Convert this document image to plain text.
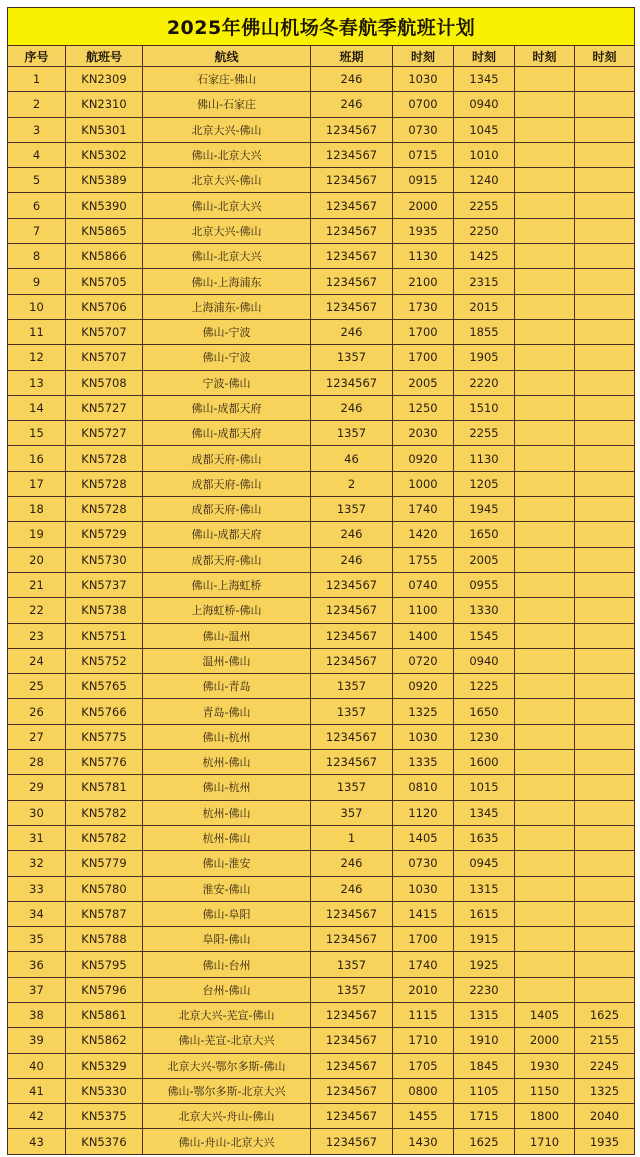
2025年佛山机场冬春航季航班计划							
序号	航班号	航线	班期	时刻	时刻	时刻	时刻
1	KN2309	石家庄-佛山	246	1030	1345		
2	KN2310	佛山-石家庄	246	0700	0940		
3	KN5301	北京大兴-佛山	1234567	0730	1045		
4	KN5302	佛山-北京大兴	1234567	0715	1010		
5	KN5389	北京大兴-佛山	1234567	0915	1240		
6	KN5390	佛山-北京大兴	1234567	2000	2255		
7	KN5865	北京大兴-佛山	1234567	1935	2250		
8	KN5866	佛山-北京大兴	1234567	1130	1425		
9	KN5705	佛山-上海浦东	1234567	2100	2315		
10	KN5706	上海浦东-佛山	1234567	1730	2015		
11	KN5707	佛山-宁波	246	1700	1855		
12	KN5707	佛山-宁波	1357	1700	1905		
13	KN5708	宁波-佛山	1234567	2005	2220		
14	KN5727	佛山-成都天府	246	1250	1510		
15	KN5727	佛山-成都天府	1357	2030	2255		
16	KN5728	成都天府-佛山	46	0920	1130		
17	KN5728	成都天府-佛山	2	1000	1205		
18	KN5728	成都天府-佛山	1357	1740	1945		
19	KN5729	佛山-成都天府	246	1420	1650		
20	KN5730	成都天府-佛山	246	1755	2005		
21	KN5737	佛山-上海虹桥	1234567	0740	0955		
22	KN5738	上海虹桥-佛山	1234567	1100	1330		
23	KN5751	佛山-温州	1234567	1400	1545		
24	KN5752	温州-佛山	1234567	0720	0940		
25	KN5765	佛山-青岛	1357	0920	1225		
26	KN5766	青岛-佛山	1357	1325	1650		
27	KN5775	佛山-杭州	1234567	1030	1230		
28	KN5776	杭州-佛山	1234567	1335	1600		
29	KN5781	佛山-杭州	1357	0810	1015		
30	KN5782	杭州-佛山	357	1120	1345		
31	KN5782	杭州-佛山	1	1405	1635		
32	KN5779	佛山-淮安	246	0730	0945		
33	KN5780	淮安-佛山	246	1030	1315		
34	KN5787	佛山-阜阳	1234567	1415	1615		
35	KN5788	阜阳-佛山	1234567	1700	1915		
36	KN5795	佛山-台州	1357	1740	1925		
37	KN5796	台州-佛山	1357	2010	2230		
38	KN5861	北京大兴-芜宣-佛山	1234567	1115	1315	1405	1625
39	KN5862	佛山-芜宣-北京大兴	1234567	1710	1910	2000	2155
40	KN5329	北京大兴-鄂尔多斯-佛山	1234567	1705	1845	1930	2245
41	KN5330	佛山-鄂尔多斯-北京大兴	1234567	0800	1105	1150	1325
42	KN5375	北京大兴-舟山-佛山	1234567	1455	1715	1800	2040
43	KN5376	佛山-舟山-北京大兴	1234567	1430	1625	1710	1935
